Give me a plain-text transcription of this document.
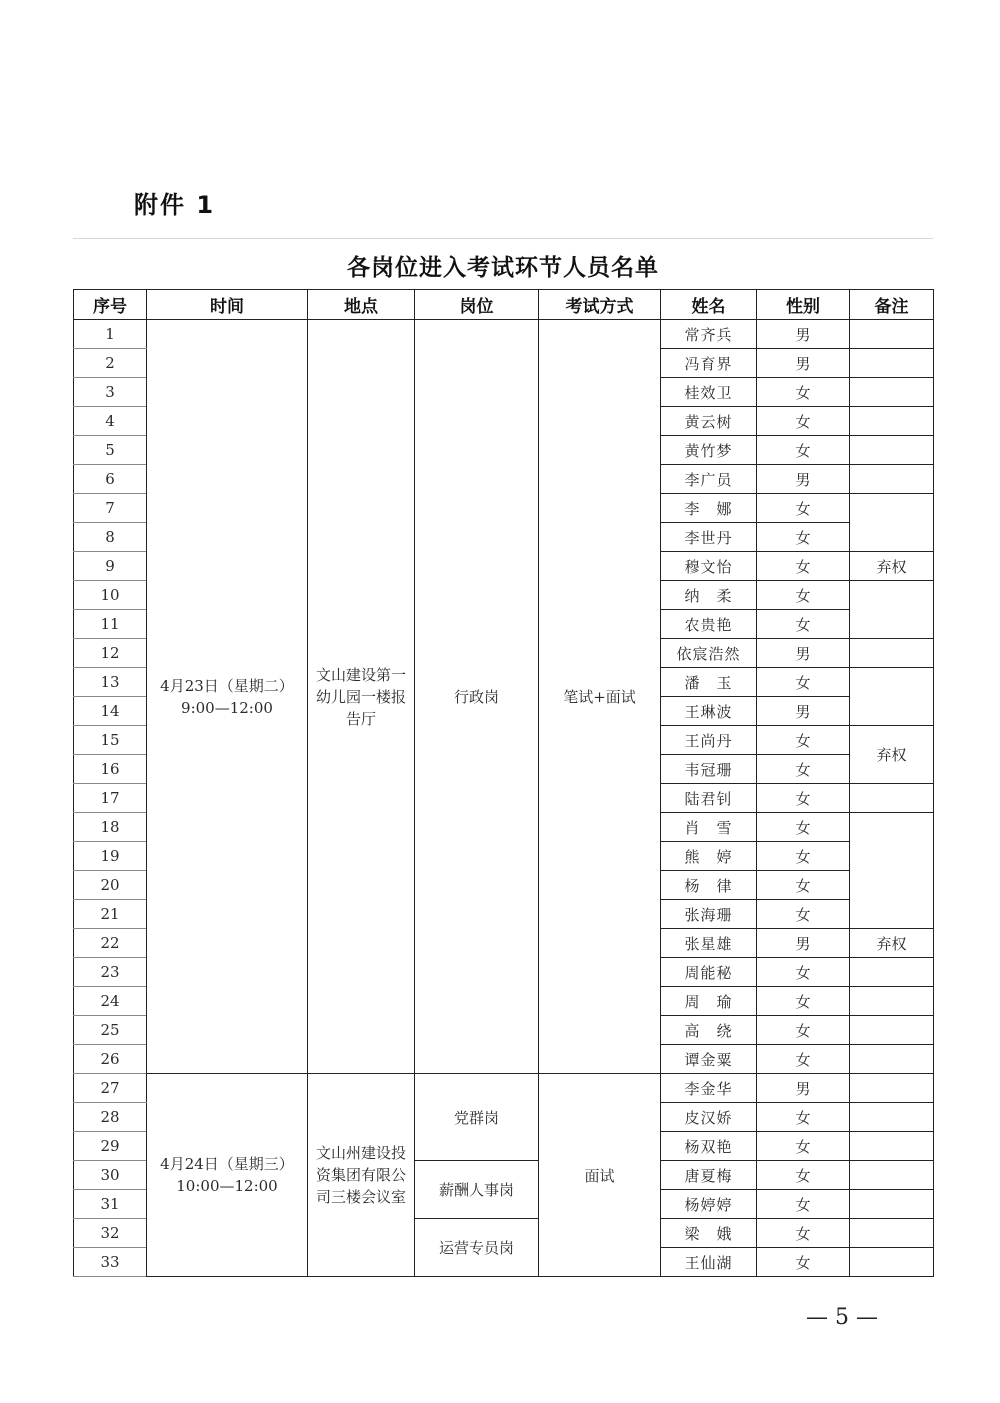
附件 1
各岗位进入考试环节人员名单
序号	时间	地点	岗位	考试方式	姓名	性别	备注
1	4月23日（星期二）9:00—12:00	文山建设第一幼儿园一楼报告厅	行政岗	笔试+面试	常齐兵	男	
2					冯育界	男	
3					桂效卫	女	
4					黄云树	女	
5					黄竹梦	女	
6					李广员	男	
7					李　娜	女	
8					李世丹	女	
9					穆文怡	女	弃权
10					纳　柔	女	
11					农贵艳	女	
12					依宸浩然	男	
13					潘　玉	女	
14					王琳波	男	
15					王尚丹	女	弃权
16					韦冠珊	女	
17					陆君钊	女	
18					肖　雪	女	
19					熊　婷	女	
20					杨　律	女	
21					张海珊	女	
22					张星雄	男	弃权
23					周能秘	女	
24					周　瑜	女	
25					高　绕	女	
26					谭金粟	女	
27	4月24日（星期三）10:00—12:00	文山州建设投资集团有限公司三楼会议室	党群岗	面试	李金华	男	
28					皮汉娇	女	
29					杨双艳	女	
30			薪酬人事岗		唐夏梅	女	
31					杨婷婷	女	
32			运营专员岗		梁　娥	女	
33					王仙湖	女	
— 5 —
